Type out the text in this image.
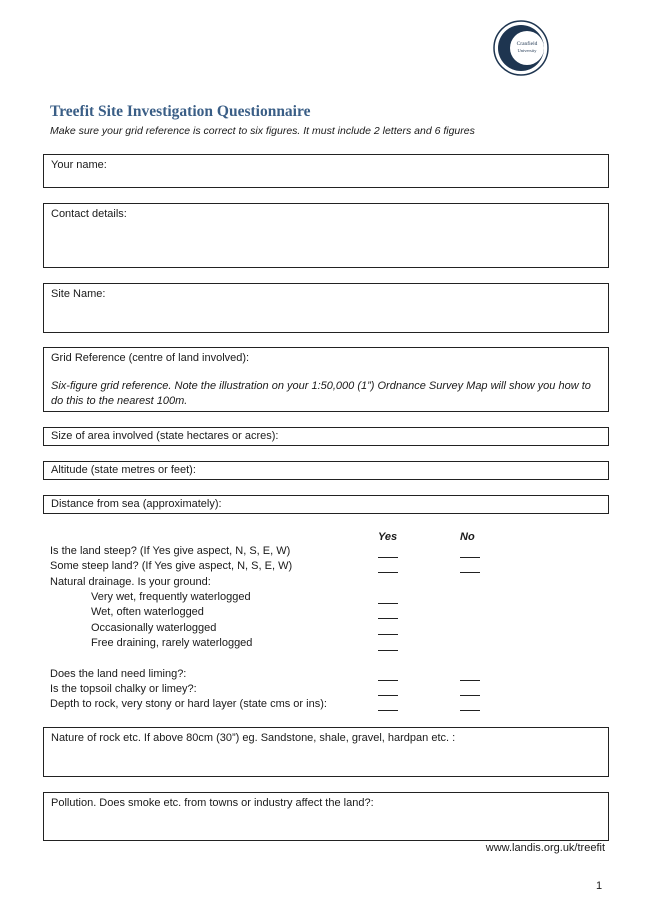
Cranfield
University
Treefit Site Investigation Questionnaire
Make sure your grid reference is correct to six figures. It must include 2 letters and 6 figures
Your name:
Contact details:
Site Name:
Grid Reference (centre of land involved):
Six-figure grid reference. Note the illustration on your 1:50,000 (1”) Ordnance Survey Map will show you how to do this to the nearest 100m.
Size of area involved (state hectares or acres):
Altitude (state metres or feet):
Distance from sea (approximately):
Yes	No
Is the land steep? (If Yes give aspect, N, S, E, W)
Some steep land? (If Yes give aspect, N, S, E, W)
Natural drainage. Is your ground:
Very wet, frequently waterlogged
Wet, often waterlogged
Occasionally waterlogged
Free draining, rarely waterlogged
Does the land need liming?:
Is the topsoil chalky or limey?:
Depth to rock, very stony or hard layer (state cms or ins):
Nature of rock etc. If above 80cm (30”) eg. Sandstone, shale, gravel, hardpan etc. :
Pollution. Does smoke etc. from towns or industry affect the land?:
www.landis.org.uk/treefit
1
